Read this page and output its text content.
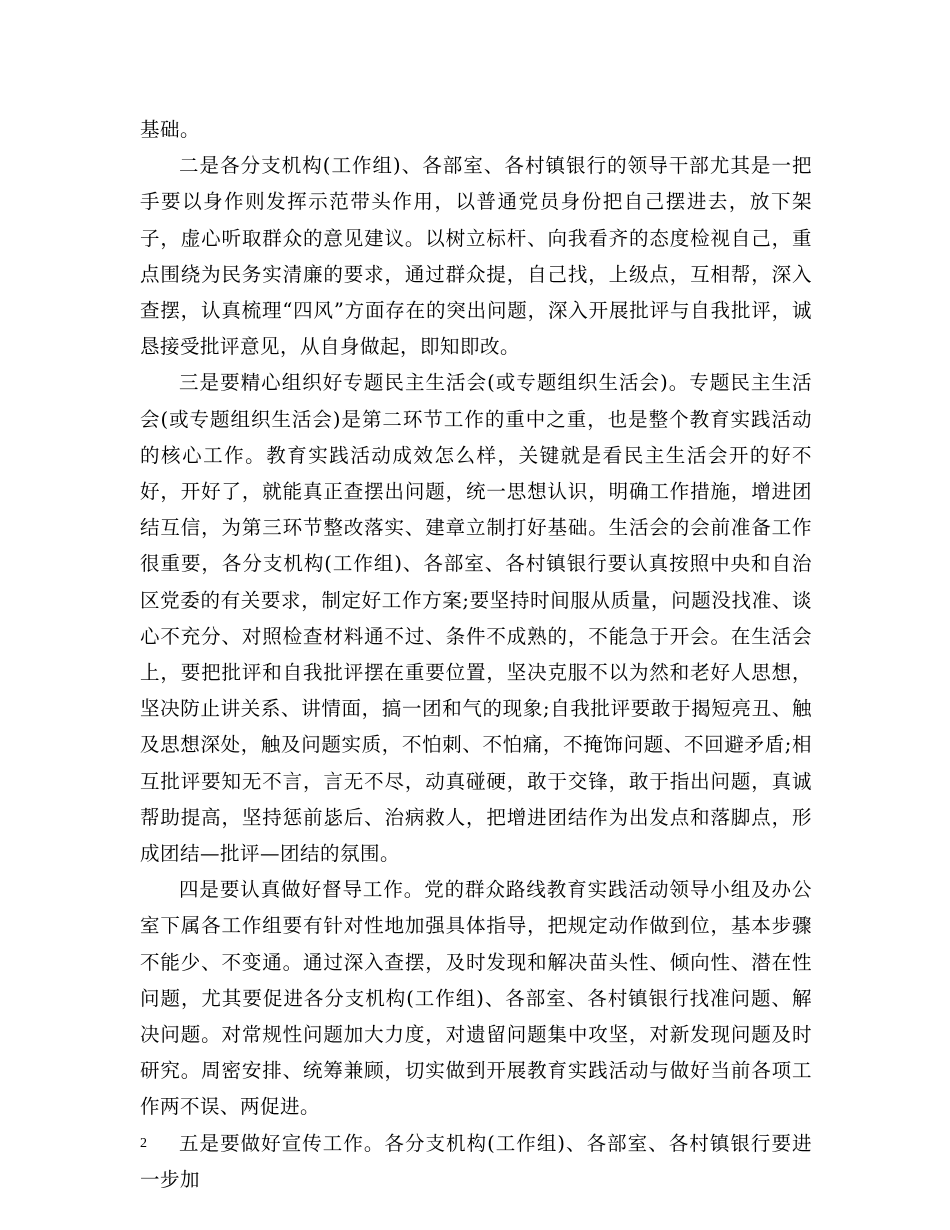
基础。

二是各分支机构(工作组)、各部室、各村镇银行的领导干部尤其是一把手要以身作则发挥示范带头作用，以普通党员身份把自己摆进去，放下架子，虚心听取群众的意见建议。以树立标杆、向我看齐的态度检视自己，重点围绕为民务实清廉的要求，通过群众提，自己找，上级点，互相帮，深入查摆，认真梳理“四风”方面存在的突出问题，深入开展批评与自我批评，诚恳接受批评意见，从自身做起，即知即改。

三是要精心组织好专题民主生活会(或专题组织生活会)。专题民主生活会(或专题组织生活会)是第二环节工作的重中之重，也是整个教育实践活动的核心工作。教育实践活动成效怎么样，关键就是看民主生活会开的好不好，开好了，就能真正查摆出问题，统一思想认识，明确工作措施，增进团结互信，为第三环节整改落实、建章立制打好基础。生活会的会前准备工作很重要，各分支机构(工作组)、各部室、各村镇银行要认真按照中央和自治区党委的有关要求，制定好工作方案;要坚持时间服从质量，问题没找准、谈心不充分、对照检查材料通不过、条件不成熟的，不能急于开会。在生活会上，要把批评和自我批评摆在重要位置，坚决克服不以为然和老好人思想，坚决防止讲关系、讲情面，搞一团和气的现象;自我批评要敢于揭短亮丑、触及思想深处，触及问题实质，不怕刺、不怕痛，不掩饰问题、不回避矛盾;相互批评要知无不言，言无不尽，动真碰硬，敢于交锋，敢于指出问题，真诚帮助提高，坚持惩前毖后、治病救人，把增进团结作为出发点和落脚点，形成团结—批评—团结的氛围。

四是要认真做好督导工作。党的群众路线教育实践活动领导小组及办公室下属各工作组要有针对性地加强具体指导，把规定动作做到位，基本步骤不能少、不变通。通过深入查摆，及时发现和解决苗头性、倾向性、潜在性问题，尤其要促进各分支机构(工作组)、各部室、各村镇银行找准问题、解决问题。对常规性问题加大力度，对遗留问题集中攻坚，对新发现问题及时研究。周密安排、统筹兼顾，切实做到开展教育实践活动与做好当前各项工作两不误、两促进。

五是要做好宣传工作。各分支机构(工作组)、各部室、各村镇银行要进一步加

2
